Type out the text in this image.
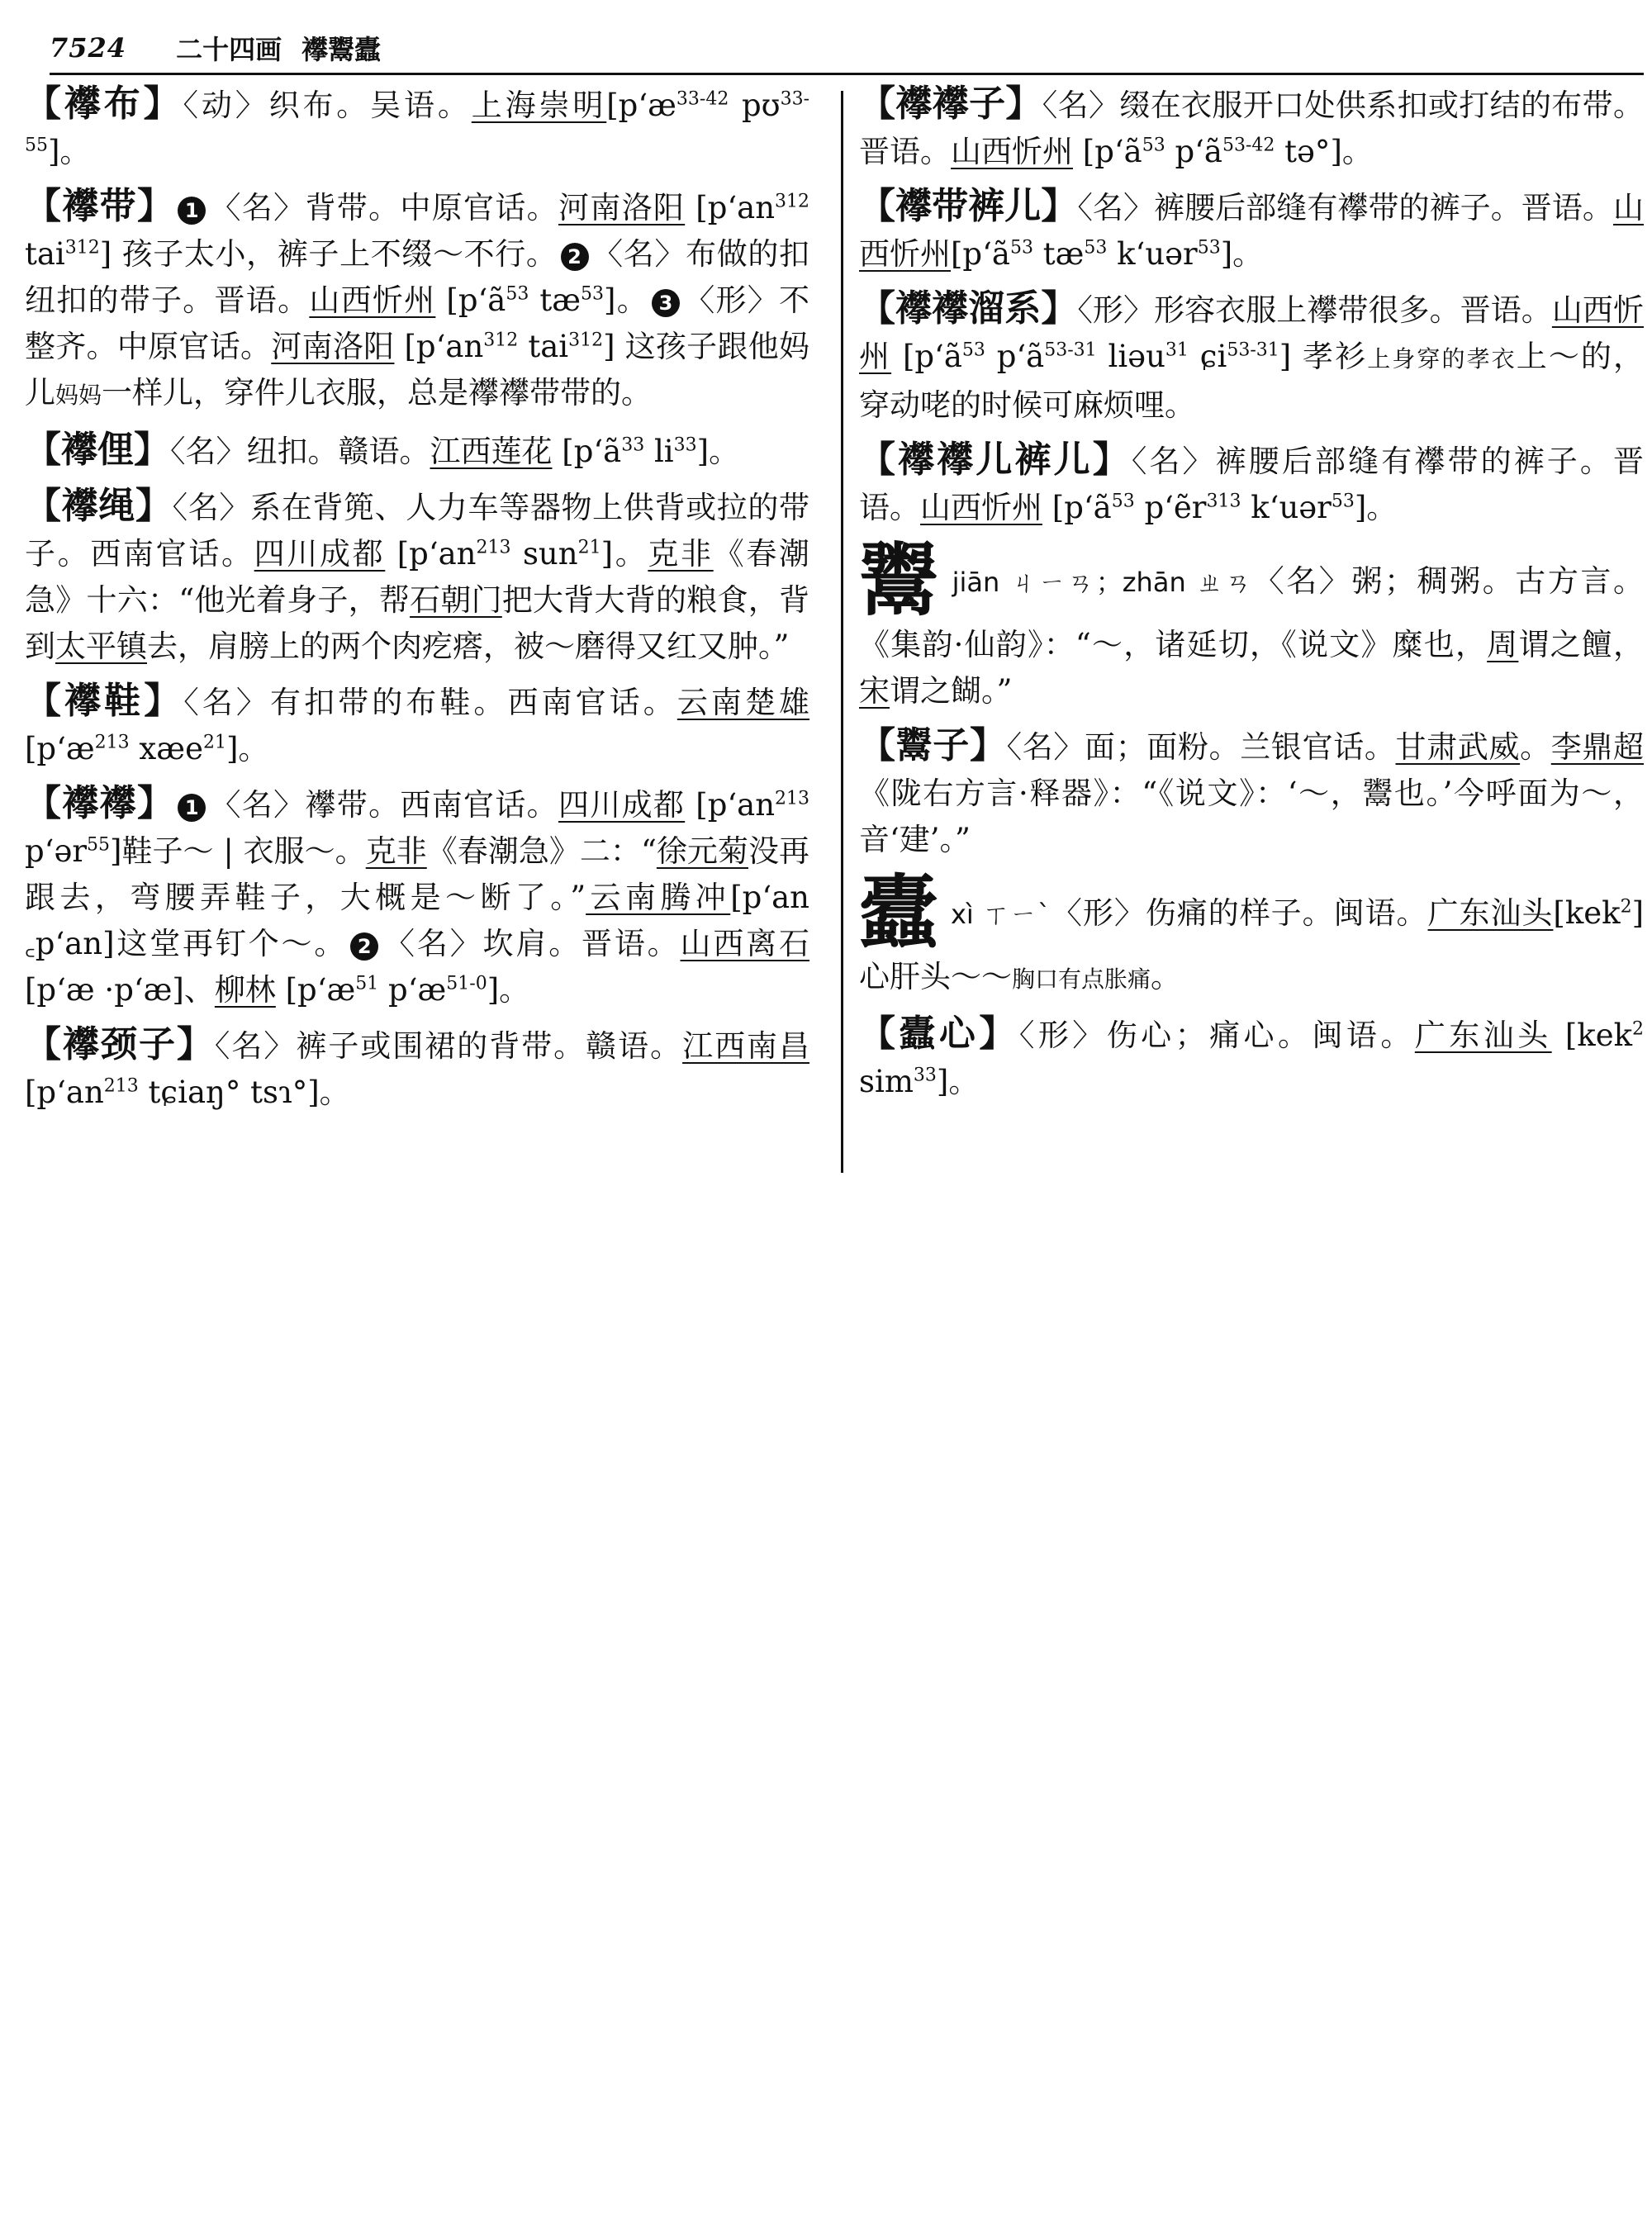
7524 二十四画 襻鬻蠹
【襻布】〈动〉织布。吴语。上海崇明[pʻæ$^{33-42}$ pʊ$^{33-55}$]。
【襻带】 1 〈名〉背带。中原官话。河南洛阳 [pʻan$^{312}$ tai$^{312}$] 孩子太小，裤子上不缀～不行。 2 〈名〉布做的扣纽扣的带子。晋语。山西忻州 [pʻã$^{53}$ $tæ^{53}$]。 3 〈形〉不整齐。中原官话。河南洛阳 [pʻan$^{312}$ tai$^{312}$] 这孩子跟他妈儿妈妈一样儿，穿件儿衣服，总是襻襻带带的。
【襻俚】〈名〉纽扣。赣语。江西莲花 [pʻã$^{33}$ $li^{33}$]。
【襻绳】〈名〉系在背篼、人力车等器物上供背或拉的带子。西南官话。四川成都 [pʻan$^{213}$ sun$^{21}$]。克非《春潮急》十六：“他光着身子，帮石朝门把大背大背的粮食，背到太平镇去，肩膀上的两个肉疙瘩，被～磨得又红又肿。”
【襻鞋】〈名〉有扣带的布鞋。西南官话。云南楚雄 [pʻæ$^{213}$ xæe$^{21}$]。
【襻襻】 1 〈名〉襻带。西南官话。四川成都 [pʻan$^{213}$ pʻər$^{55}$]鞋子～ | 衣服～。克非《春潮急》二：“徐元菊没再跟去，弯腰弄鞋子，大概是～断了。”云南腾冲[pʻan ꜀pʻan]这堂再钉个～。 2 〈名〉坎肩。晋语。山西离石 [pʻæ ·pʻæ]、柳林 [pʻæ$^{51}$ pʻæ$^{51-0}$]。
【襻颈子】〈名〉裤子或围裙的背带。赣语。江西南昌 [pʻan$^{213}$ tɕiaŋ° tsɿ°]。
【襻襻子】〈名〉缀在衣服开口处供系扣或打结的布带。晋语。山西忻州 [pʻã$^{53}$ pʻã$^{53-42}$ tə°]。
【襻带裤儿】〈名〉裤腰后部缝有襻带的裤子。晋语。山西忻州[pʻã$^{53}$ $tæ^{53}$ kʻuər$^{53}$]。
【襻襻溜系】〈形〉形容衣服上襻带很多。晋语。山西忻州 [pʻã$^{53}$ pʻã$^{53-31}$ liəu$^{31}$ ɕi$^{53-31}$] 孝衫上身穿的孝衣上～的，穿动咾的时候可麻烦哩。
【襻襻儿裤儿】〈名〉裤腰后部缝有襻带的裤子。晋语。山西忻州 [pʻã$^{53}$ pʻẽr$^{313}$ kʻuər$^{53}$]。
鬻jiān ㄐㄧㄢ；zhān ㄓㄢ〈名〉粥；稠粥。古方言。《集韵·仙韵》：“～，诸延切，《说文》糜也，周谓之饘，宋谓之餬。”
【鬻子】〈名〉面；面粉。兰银官话。甘肃武威。李鼎超《陇右方言·释器》：“《说文》：‘～，鬻也。’今呼面为～，音‘建’。”
蠹xì ㄒㄧˋ〈形〉伤痛的样子。闽语。广东汕头[kek$^2$] 心肝头～～胸口有点胀痛。
【蠹心】〈形〉伤心；痛心。闽语。广东汕头 [kek$^2$ sim$^{33}$]。
